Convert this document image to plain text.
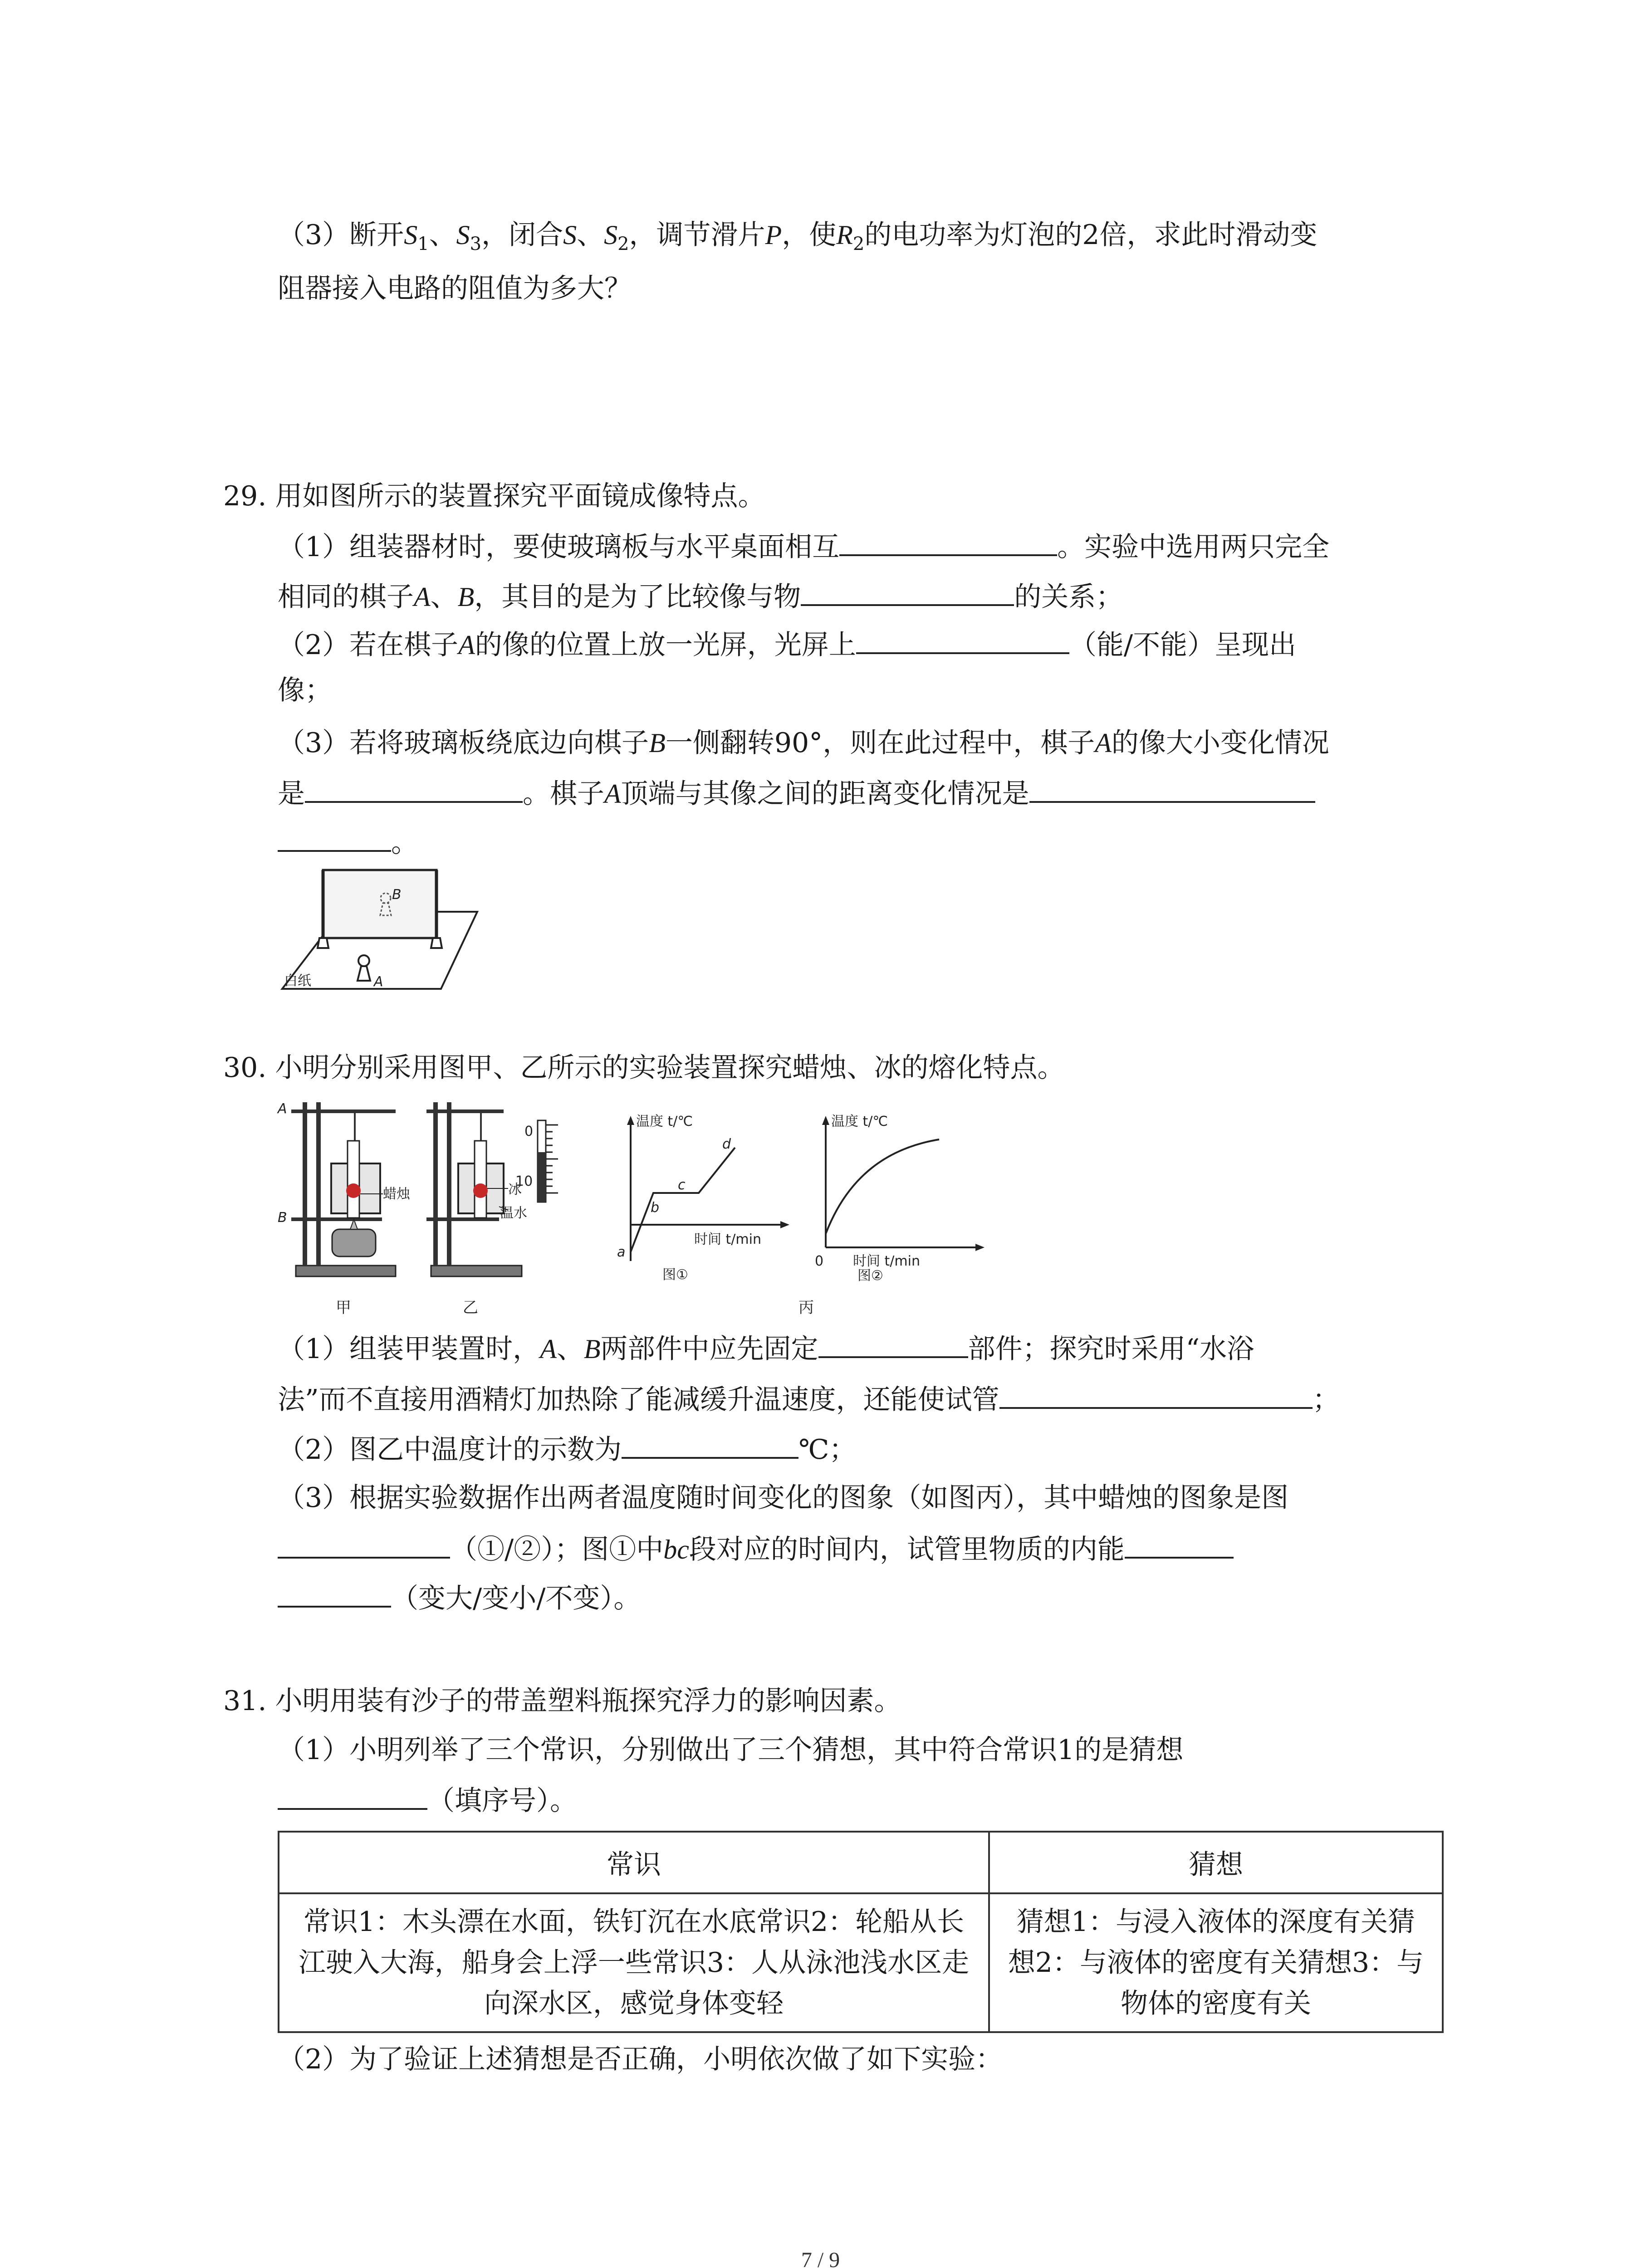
（3）断开$S_1$、$S_3$，闭合S、$S_2$，调节滑片P，使$R_2$的电功率为灯泡的2倍，求此时滑动变
阻器接入电路的阻值为多大？
29. 用如图所示的装置探究平面镜成像特点。
（1）组装器材时，要使玻璃板与水平桌面相互	。实验中选用两只完全
相同的棋子A、B，其目的是为了比较像与物	的关系；
（2）若在棋子A的像的位置上放一光屏，光屏上	（能/不能）呈现出
像；
（3）若将玻璃板绕底边向棋子B一侧翻转90°，则在此过程中，棋子A的像大小变化情况
是	。棋子A顶端与其像之间的距离变化情况是
。
B
白纸	A
30. 小明分别采用图甲、乙所示的实验装置探究蜡烛、冰的熔化特点。
A
B
蜡烛	冰
温水
0
10
温度 t/℃
时间 t/min
a
b
c
d
图①
温度 t/℃
0 时间 t/min
图②
甲	乙	丙
（1）组装甲装置时，A、B两部件中应先固定	部件；探究时采用“水浴
法”而不直接用酒精灯加热除了能减缓升温速度，还能使试管	；
（2）图乙中温度计的示数为	℃；
（3）根据实验数据作出两者温度随时间变化的图象（如图丙），其中蜡烛的图象是图
（①/②）；图①中bc段对应的时间内，试管里物质的内能
（变大/变小/不变）。
31. 小明用装有沙子的带盖塑料瓶探究浮力的影响因素。
（1）小明列举了三个常识，分别做出了三个猜想，其中符合常识1的是猜想
（填序号）。
常识	猜想
常识1：木头漂在水面，铁钉沉在水底常识2：轮船从长江驶入大海，船身会上浮一些常识3：人从泳池浅水区走向深水区，感觉身体变轻	猜想1：与浸入液体的深度有关猜想2：与液体的密度有关猜想3：与物体的密度有关
（2）为了验证上述猜想是否正确，小明依次做了如下实验：
7 / 9
